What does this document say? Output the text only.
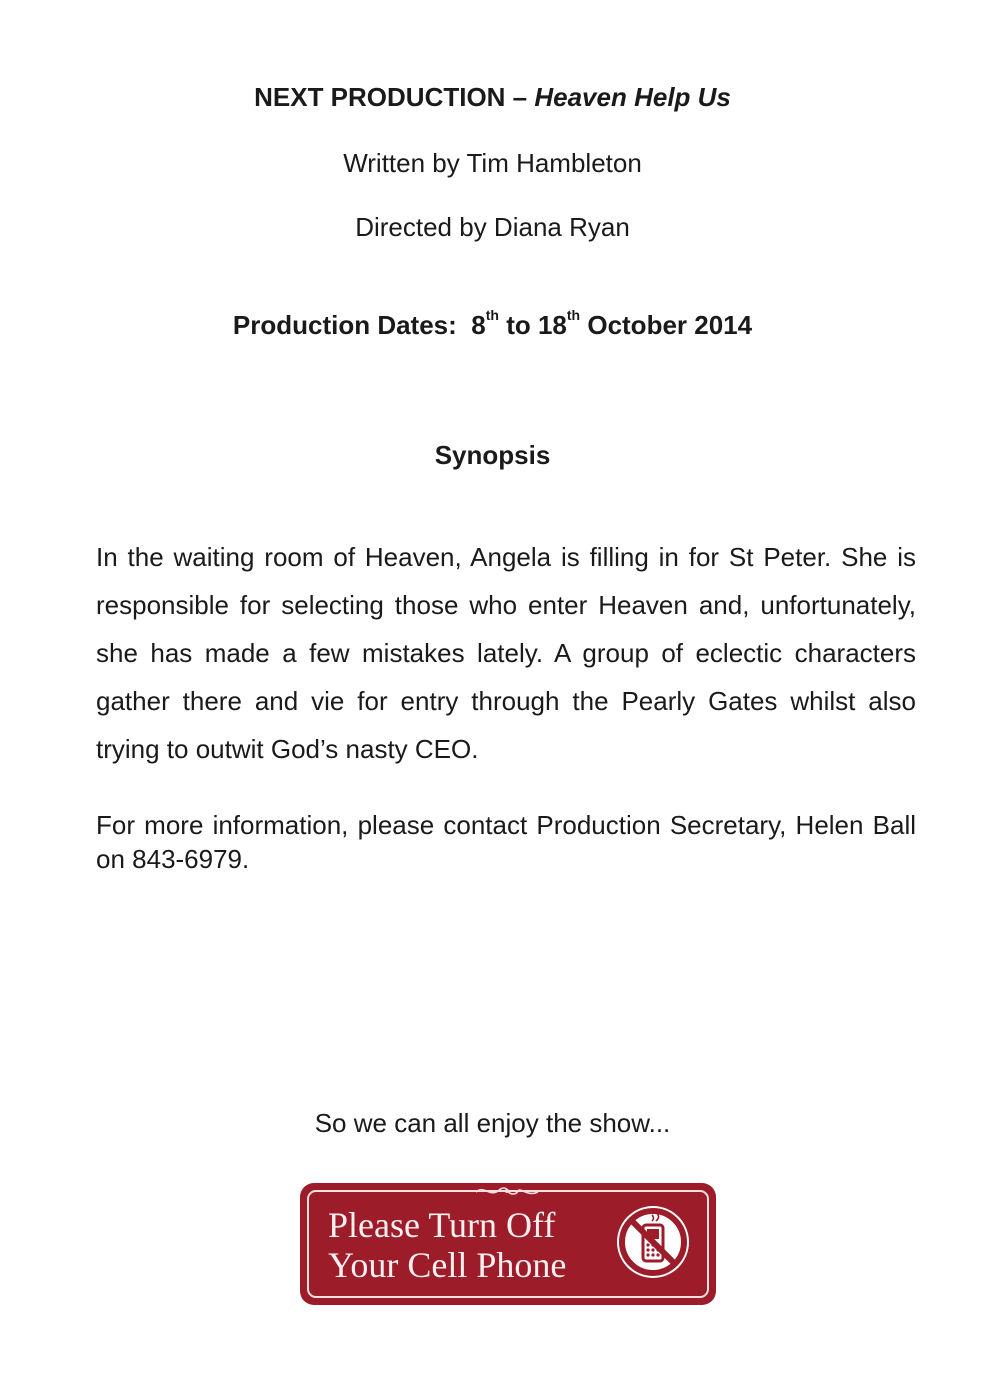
NEXT PRODUCTION – Heaven Help Us
Written by Tim Hambleton
Directed by Diana Ryan
Production Dates: 8th to 18th October 2014
Synopsis
In the waiting room of Heaven, Angela is filling in for St Peter. She is responsible for selecting those who enter Heaven and, unfortunately, she has made a few mistakes lately. A group of eclectic characters gather there and vie for entry through the Pearly Gates whilst also trying to outwit God’s nasty CEO.
For more information, please contact Production Secretary, Helen Ball on 843-6979.
So we can all enjoy the show...
Please Turn Off
Your Cell Phone
